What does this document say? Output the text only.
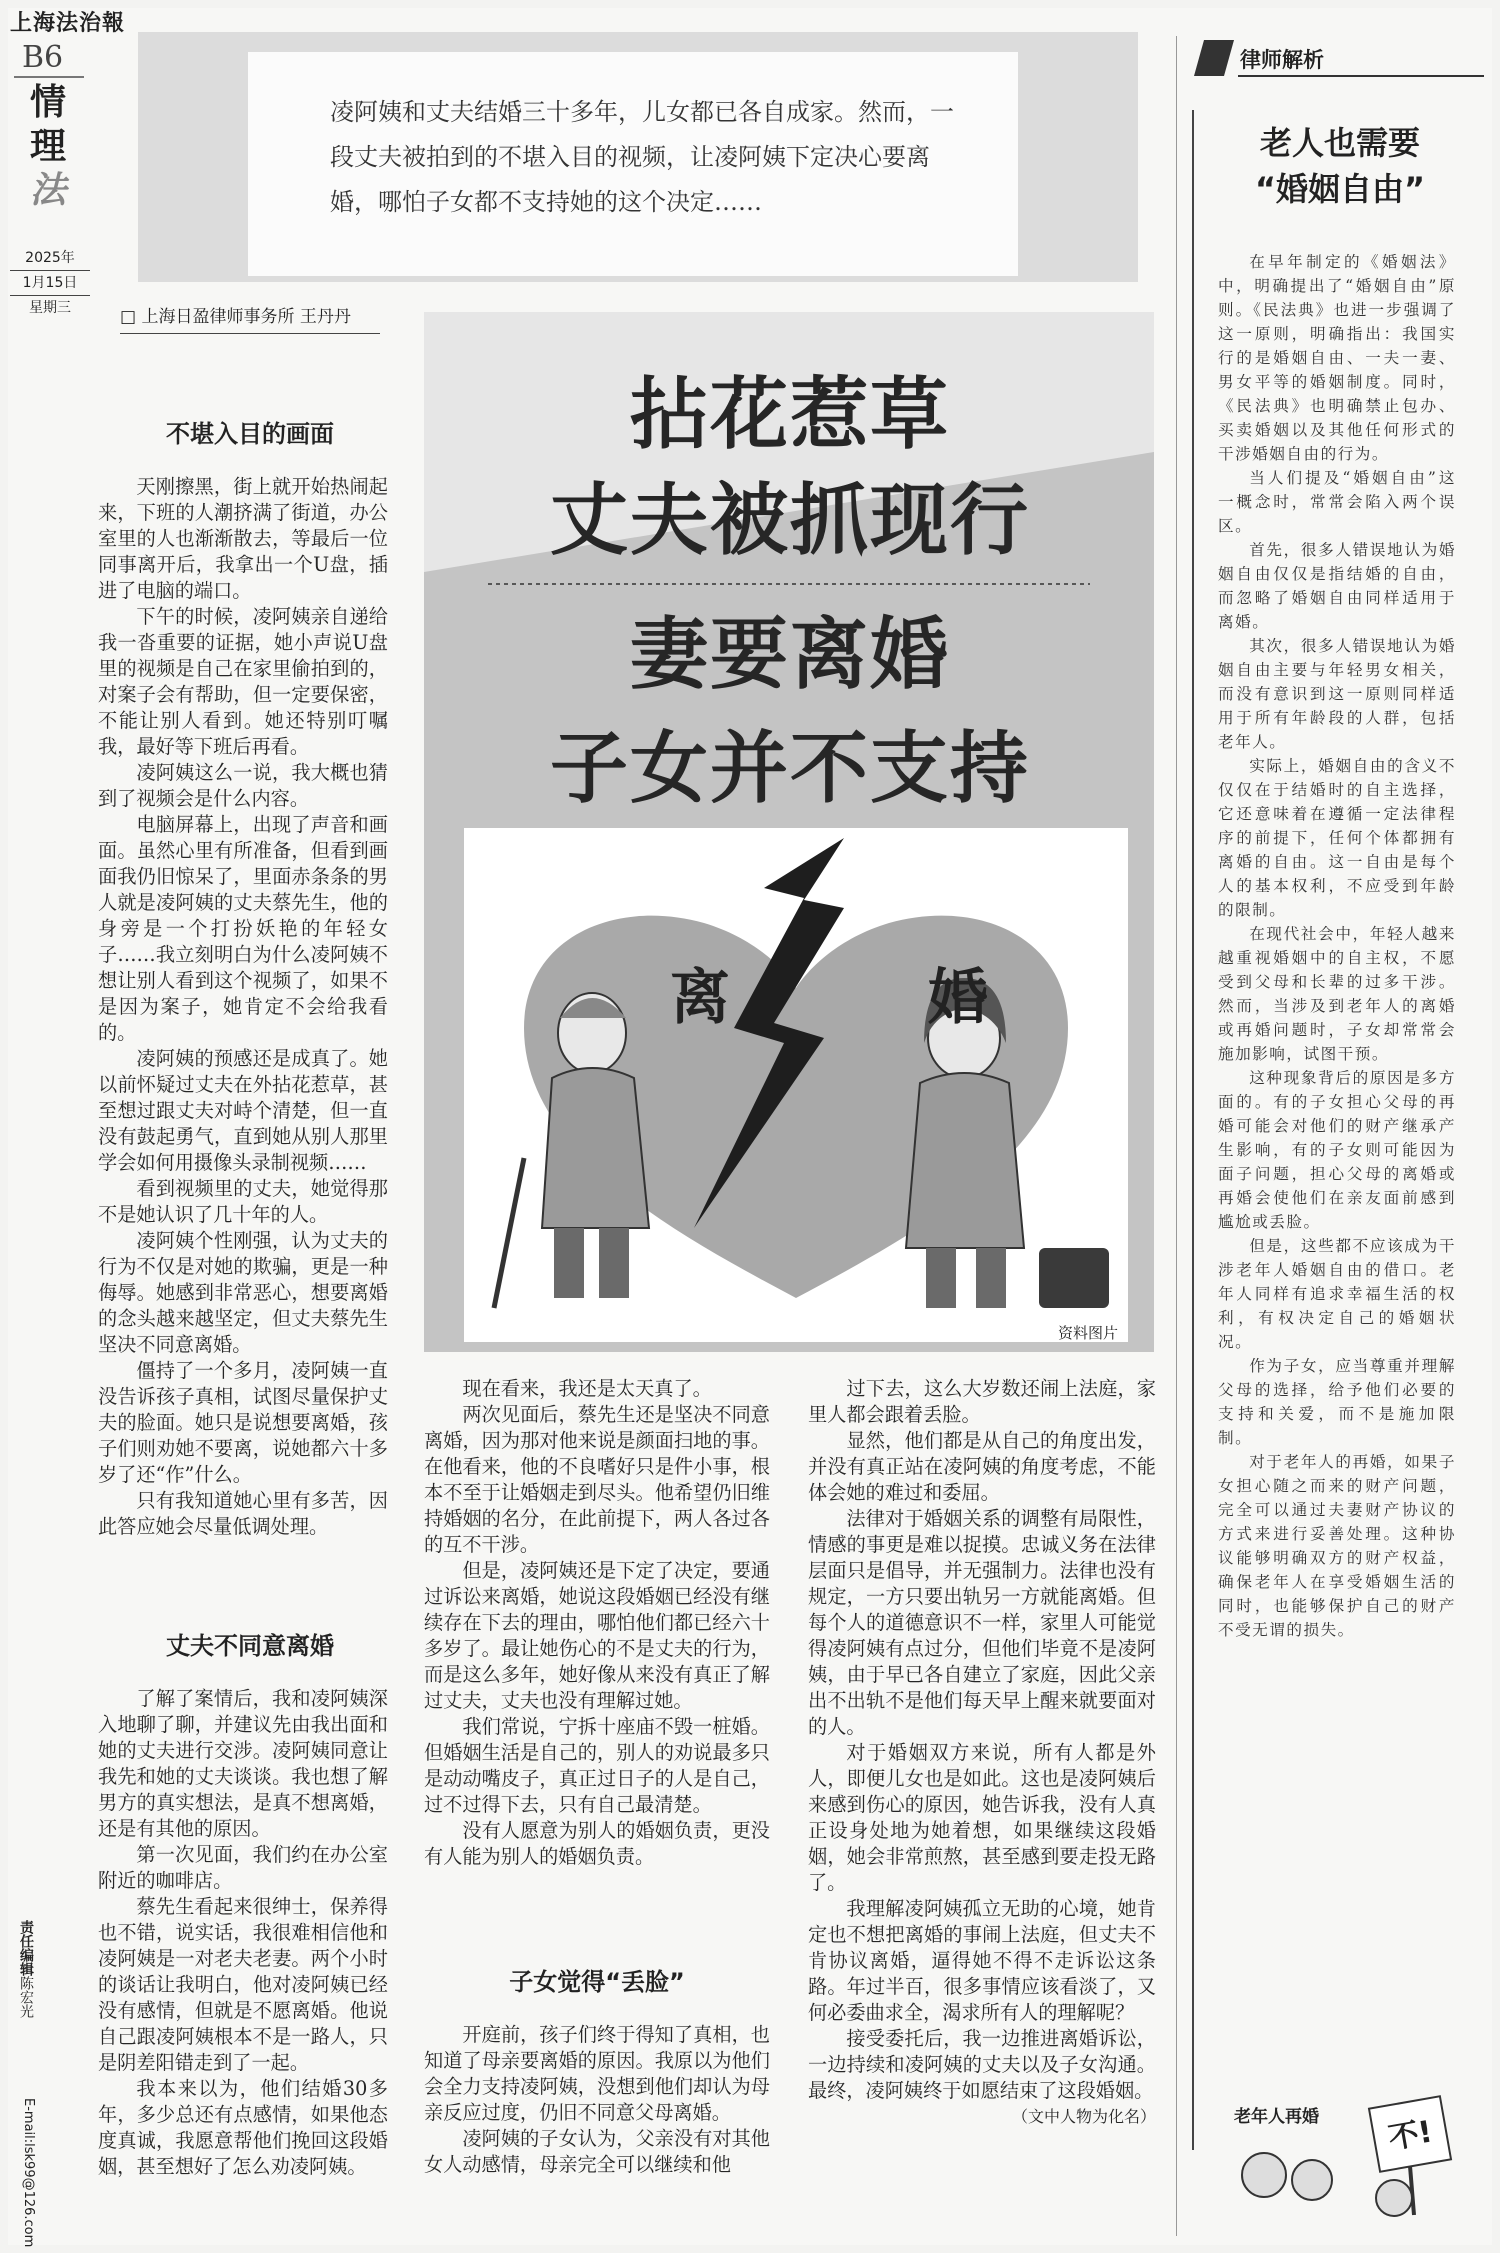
上海法治報
B6
情
理
法
2025年
1月15日
星期三
责任编辑陈宏光
E-mail:lsk99@126.com
凌阿姨和丈夫结婚三十多年，儿女都已各自成家。然而，一段丈夫被拍到的不堪入目的视频，让凌阿姨下定决心要离婚，哪怕子女都不支持她的这个决定……
□ 上海日盈律师事务所 王丹丹
拈花惹草
丈夫被抓现行
妻要离婚
子女并不支持
离	婚
资料图片
不堪入目的画面

天刚擦黑，街上就开始热闹起来，下班的人潮挤满了街道，办公室里的人也渐渐散去，等最后一位同事离开后，我拿出一个U盘，插进了电脑的端口。

下午的时候，凌阿姨亲自递给我一沓重要的证据，她小声说U盘里的视频是自己在家里偷拍到的，对案子会有帮助，但一定要保密，不能让别人看到。她还特别叮嘱我，最好等下班后再看。

凌阿姨这么一说，我大概也猜到了视频会是什么内容。

电脑屏幕上，出现了声音和画面。虽然心里有所准备，但看到画面我仍旧惊呆了，里面赤条条的男人就是凌阿姨的丈夫蔡先生，他的身旁是一个打扮妖艳的年轻女子……我立刻明白为什么凌阿姨不想让别人看到这个视频了，如果不是因为案子，她肯定不会给我看的。

凌阿姨的预感还是成真了。她以前怀疑过丈夫在外拈花惹草，甚至想过跟丈夫对峙个清楚，但一直没有鼓起勇气，直到她从别人那里学会如何用摄像头录制视频……

看到视频里的丈夫，她觉得那不是她认识了几十年的人。

凌阿姨个性刚强，认为丈夫的行为不仅是对她的欺骗，更是一种侮辱。她感到非常恶心，想要离婚的念头越来越坚定，但丈夫蔡先生坚决不同意离婚。

僵持了一个多月，凌阿姨一直没告诉孩子真相，试图尽量保护丈夫的脸面。她只是说想要离婚，孩子们则劝她不要离，说她都六十多岁了还“作”什么。

只有我知道她心里有多苦，因此答应她会尽量低调处理。

丈夫不同意离婚

了解了案情后，我和凌阿姨深入地聊了聊，并建议先由我出面和她的丈夫进行交涉。凌阿姨同意让我先和她的丈夫谈谈。我也想了解男方的真实想法，是真不想离婚，还是有其他的原因。

第一次见面，我们约在办公室附近的咖啡店。

蔡先生看起来很绅士，保养得也不错，说实话，我很难相信他和凌阿姨是一对老夫老妻。两个小时的谈话让我明白，他对凌阿姨已经没有感情，但就是不愿离婚。他说自己跟凌阿姨根本不是一路人，只是阴差阳错走到了一起。

我本来以为，他们结婚30多年，多少总还有点感情，如果他态度真诚，我愿意帮他们挽回这段婚姻，甚至想好了怎么劝凌阿姨。

现在看来，我还是太天真了。

两次见面后，蔡先生还是坚决不同意离婚，因为那对他来说是颜面扫地的事。在他看来，他的不良嗜好只是件小事，根本不至于让婚姻走到尽头。他希望仍旧维持婚姻的名分，在此前提下，两人各过各的互不干涉。

但是，凌阿姨还是下定了决定，要通过诉讼来离婚，她说这段婚姻已经没有继续存在下去的理由，哪怕他们都已经六十多岁了。最让她伤心的不是丈夫的行为，而是这么多年，她好像从来没有真正了解过丈夫，丈夫也没有理解过她。

我们常说，宁拆十座庙不毁一桩婚。但婚姻生活是自己的，别人的劝说最多只是动动嘴皮子，真正过日子的人是自己，过不过得下去，只有自己最清楚。

没有人愿意为别人的婚姻负责，更没有人能为别人的婚姻负责。

子女觉得“丢脸”

开庭前，孩子们终于得知了真相，也知道了母亲要离婚的原因。我原以为他们会全力支持凌阿姨，没想到他们却认为母亲反应过度，仍旧不同意父母离婚。

凌阿姨的子女认为，父亲没有对其他女人动感情，母亲完全可以继续和他

过下去，这么大岁数还闹上法庭，家里人都会跟着丢脸。

显然，他们都是从自己的角度出发，并没有真正站在凌阿姨的角度考虑，不能体会她的难过和委屈。

法律对于婚姻关系的调整有局限性，情感的事更是难以捉摸。忠诚义务在法律层面只是倡导，并无强制力。法律也没有规定，一方只要出轨另一方就能离婚。但每个人的道德意识不一样，家里人可能觉得凌阿姨有点过分，但他们毕竟不是凌阿姨，由于早已各自建立了家庭，因此父亲出不出轨不是他们每天早上醒来就要面对的人。

对于婚姻双方来说，所有人都是外人，即便儿女也是如此。这也是凌阿姨后来感到伤心的原因，她告诉我，没有人真正设身处地为她着想，如果继续这段婚姻，她会非常煎熬，甚至感到要走投无路了。

我理解凌阿姨孤立无助的心境，她肯定也不想把离婚的事闹上法庭，但丈夫不肯协议离婚，逼得她不得不走诉讼这条路。年过半百，很多事情应该看淡了，又何必委曲求全，渴求所有人的理解呢？

接受委托后，我一边推进离婚诉讼，一边持续和凌阿姨的丈夫以及子女沟通。最终，凌阿姨终于如愿结束了这段婚姻。

（文中人物为化名）
律师解析
老人也需要
“婚姻自由”

在早年制定的《婚姻法》中，明确提出了“婚姻自由”原则。《民法典》也进一步强调了这一原则，明确指出：我国实行的是婚姻自由、一夫一妻、男女平等的婚姻制度。同时，《民法典》也明确禁止包办、买卖婚姻以及其他任何形式的干涉婚姻自由的行为。

当人们提及“婚姻自由”这一概念时，常常会陷入两个误区。

首先，很多人错误地认为婚姻自由仅仅是指结婚的自由，而忽略了婚姻自由同样适用于离婚。

其次，很多人错误地认为婚姻自由主要与年轻男女相关，而没有意识到这一原则同样适用于所有年龄段的人群，包括老年人。

实际上，婚姻自由的含义不仅仅在于结婚时的自主选择，它还意味着在遵循一定法律程序的前提下，任何个体都拥有离婚的自由。这一自由是每个人的基本权利，不应受到年龄的限制。

在现代社会中，年轻人越来越重视婚姻中的自主权，不愿受到父母和长辈的过多干涉。然而，当涉及到老年人的离婚或再婚问题时，子女却常常会施加影响，试图干预。

这种现象背后的原因是多方面的。有的子女担心父母的再婚可能会对他们的财产继承产生影响，有的子女则可能因为面子问题，担心父母的离婚或再婚会使他们在亲友面前感到尴尬或丢脸。

但是，这些都不应该成为干涉老年人婚姻自由的借口。老年人同样有追求幸福生活的权利，有权决定自己的婚姻状况。

作为子女，应当尊重并理解父母的选择，给予他们必要的支持和关爱，而不是施加限制。

对于老年人的再婚，如果子女担心随之而来的财产问题，完全可以通过夫妻财产协议的方式来进行妥善处理。这种协议能够明确双方的财产权益，确保老年人在享受婚姻生活的同时，也能够保护自己的财产不受无谓的损失。

老年人再婚 不!
